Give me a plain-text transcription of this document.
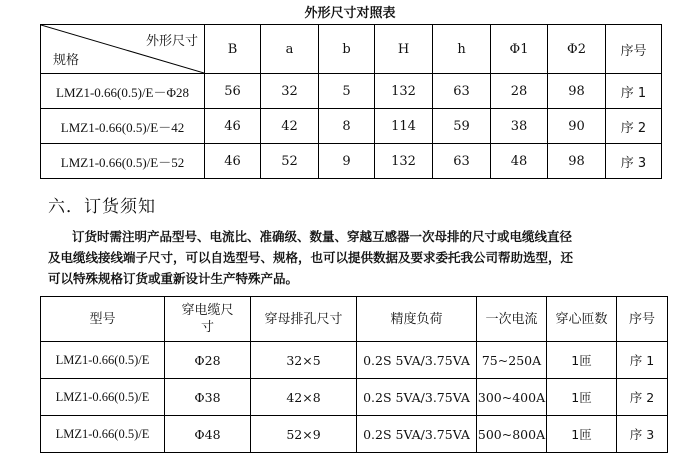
外形尺寸对照表
外形尺寸
规格	B	a	b	H	h	Φ1	Φ2	序号
LMZ1-0.66(0.5)/E－Φ28	56	32	5	132	63	28	98	序 1
LMZ1-0.66(0.5)/E－42	46	42	8	114	59	38	90	序 2
LMZ1-0.66(0.5)/E－52	46	52	9	132	63	48	98	序 3
六．订货须知

订货时需注明产品型号、电流比、准确级、数量、穿越互感器一次母排的尺寸或电缆线直径

及电缆线接线端子尺寸，可以自选型号、规格，也可以提供数据及要求委托我公司帮助选型，还

可以特殊规格订货或重新设计生产特殊产品。

型号	穿电缆尺寸	穿母排孔尺寸	精度负荷	一次电流	穿心匝数	序号
LMZ1-0.66(0.5)/E	Φ28	32×5	0.2S 5VA/3.75VA	75~250A	1匝	序 1
LMZ1-0.66(0.5)/E	Φ38	42×8	0.2S 5VA/3.75VA	300~400A	1匝	序 2
LMZ1-0.66(0.5)/E	Φ48	52×9	0.2S 5VA/3.75VA	500~800A	1匝	序 3
